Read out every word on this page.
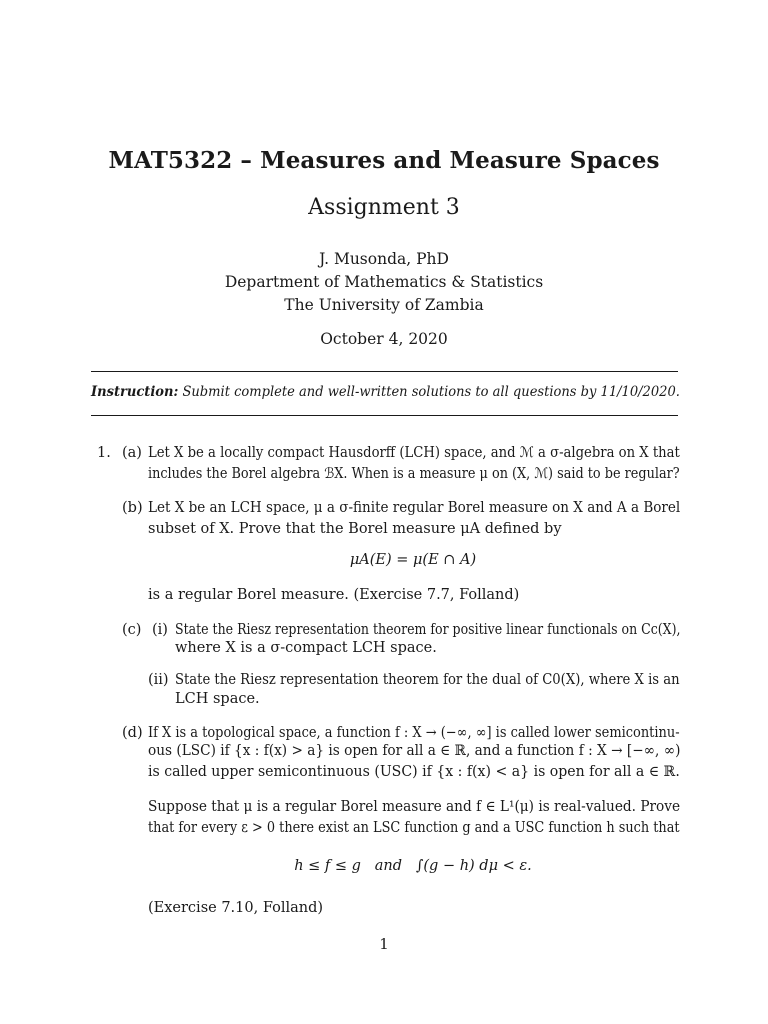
MAT5322 – Measures and Measure Spaces
Assignment 3
J. Musonda, PhD
Department of Mathematics & Statistics
The University of Zambia
October 4, 2020
Instruction: Submit complete and well-written solutions to all questions by 11/10/2020.
1. (a) Let X be a locally compact Hausdorff (LCH) space, and ℳ a σ-algebra on X that
includes the Borel algebra ℬX. When is a measure μ on (X, ℳ) said to be regular?
(b) Let X be an LCH space, μ a σ-finite regular Borel measure on X and A a Borel
subset of X. Prove that the Borel measure μA defined by
μA(E) = μ(E ∩ A)
is a regular Borel measure. (Exercise 7.7, Folland)
(c) (i) State the Riesz representation theorem for positive linear functionals on Cc(X),
where X is a σ-compact LCH space.
(ii) State the Riesz representation theorem for the dual of C0(X), where X is an
LCH space.
(d) If X is a topological space, a function f : X → (−∞, ∞] is called lower semicontinu-
ous (LSC) if {x : f(x) > a} is open for all a ∈ ℝ, and a function f : X → [−∞, ∞)
is called upper semicontinuous (USC) if {x : f(x) < a} is open for all a ∈ ℝ.
Suppose that μ is a regular Borel measure and f ∈ L¹(μ) is real-valued. Prove
that for every ε > 0 there exist an LSC function g and a USC function h such that
h ≤ f ≤ g   and   ∫(g − h) dμ < ε.
(Exercise 7.10, Folland)
1
